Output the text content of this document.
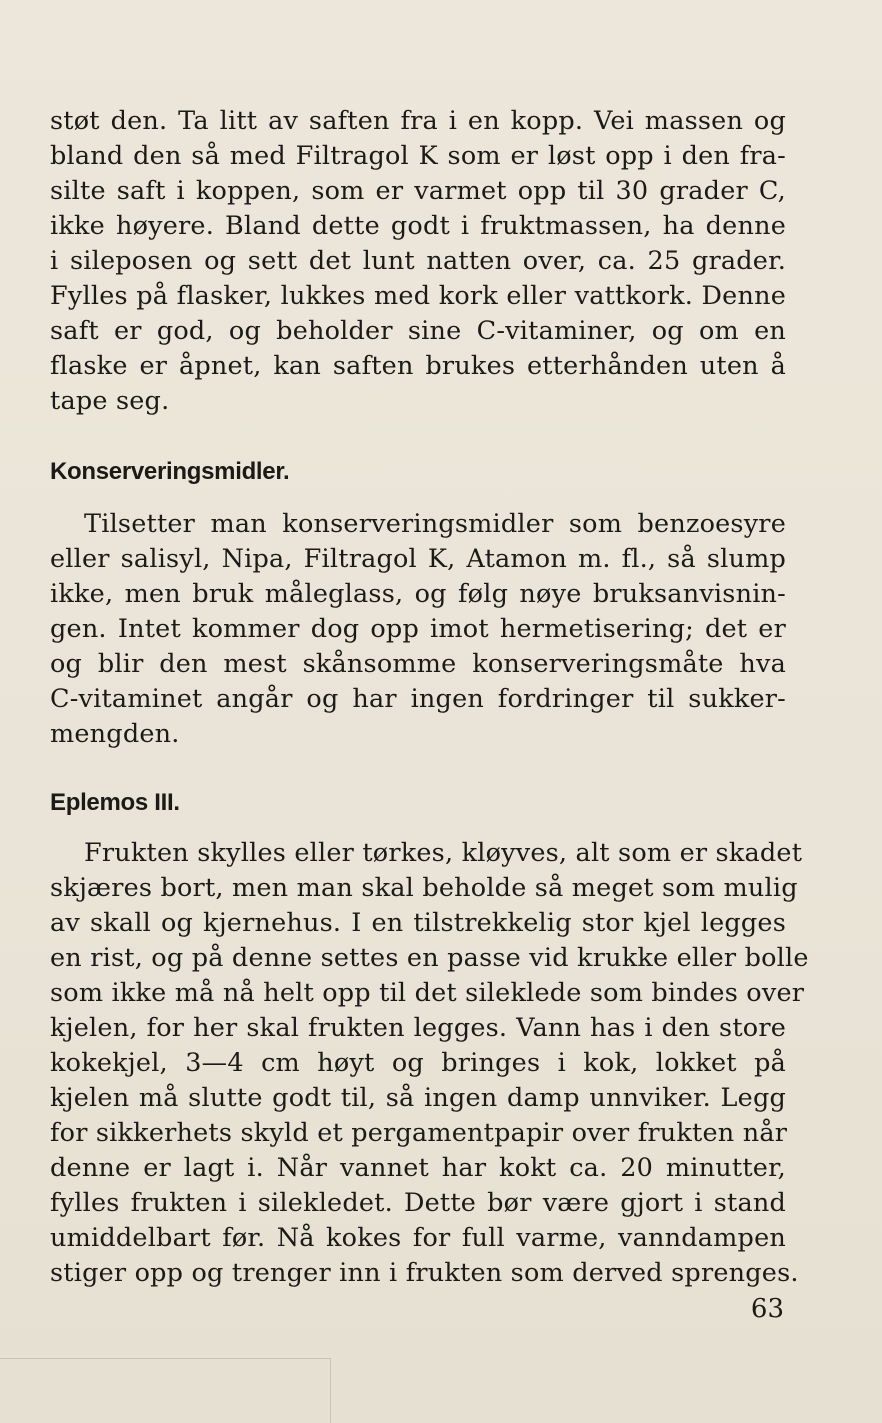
støt den. Ta litt av saften fra i en kopp. Vei massen og
bland den så med Filtragol K som er løst opp i den fra-
silte saft i koppen, som er varmet opp til 30 grader C,
ikke høyere. Bland dette godt i fruktmassen, ha denne
i sileposen og sett det lunt natten over, ca. 25 grader.
Fylles på flasker, lukkes med kork eller vattkork. Denne
saft er god, og beholder sine C-vitaminer, og om en
flaske er åpnet, kan saften brukes etterhånden uten å
tape seg.
Konserveringsmidler.
Tilsetter man konserveringsmidler som benzoesyre
eller salisyl, Nipa, Filtragol K, Atamon m. fl., så slump
ikke, men bruk måleglass, og følg nøye bruksanvisnin-
gen. Intet kommer dog opp imot hermetisering; det er
og blir den mest skånsomme konserveringsmåte hva
C-vitaminet angår og har ingen fordringer til sukker-
mengden.
Eplemos III.
Frukten skylles eller tørkes, kløyves, alt som er skadet
skjæres bort, men man skal beholde så meget som mulig
av skall og kjernehus. I en tilstrekkelig stor kjel legges
en rist, og på denne settes en passe vid krukke eller bolle
som ikke må nå helt opp til det sileklede som bindes over
kjelen, for her skal frukten legges. Vann has i den store
kokekjel, 3—4 cm høyt og bringes i kok, lokket på
kjelen må slutte godt til, så ingen damp unnviker. Legg
for sikkerhets skyld et pergamentpapir over frukten når
denne er lagt i. Når vannet har kokt ca. 20 minutter,
fylles frukten i silekledet. Dette bør være gjort i stand
umiddelbart før. Nå kokes for full varme, vanndampen
stiger opp og trenger inn i frukten som derved sprenges.
63
